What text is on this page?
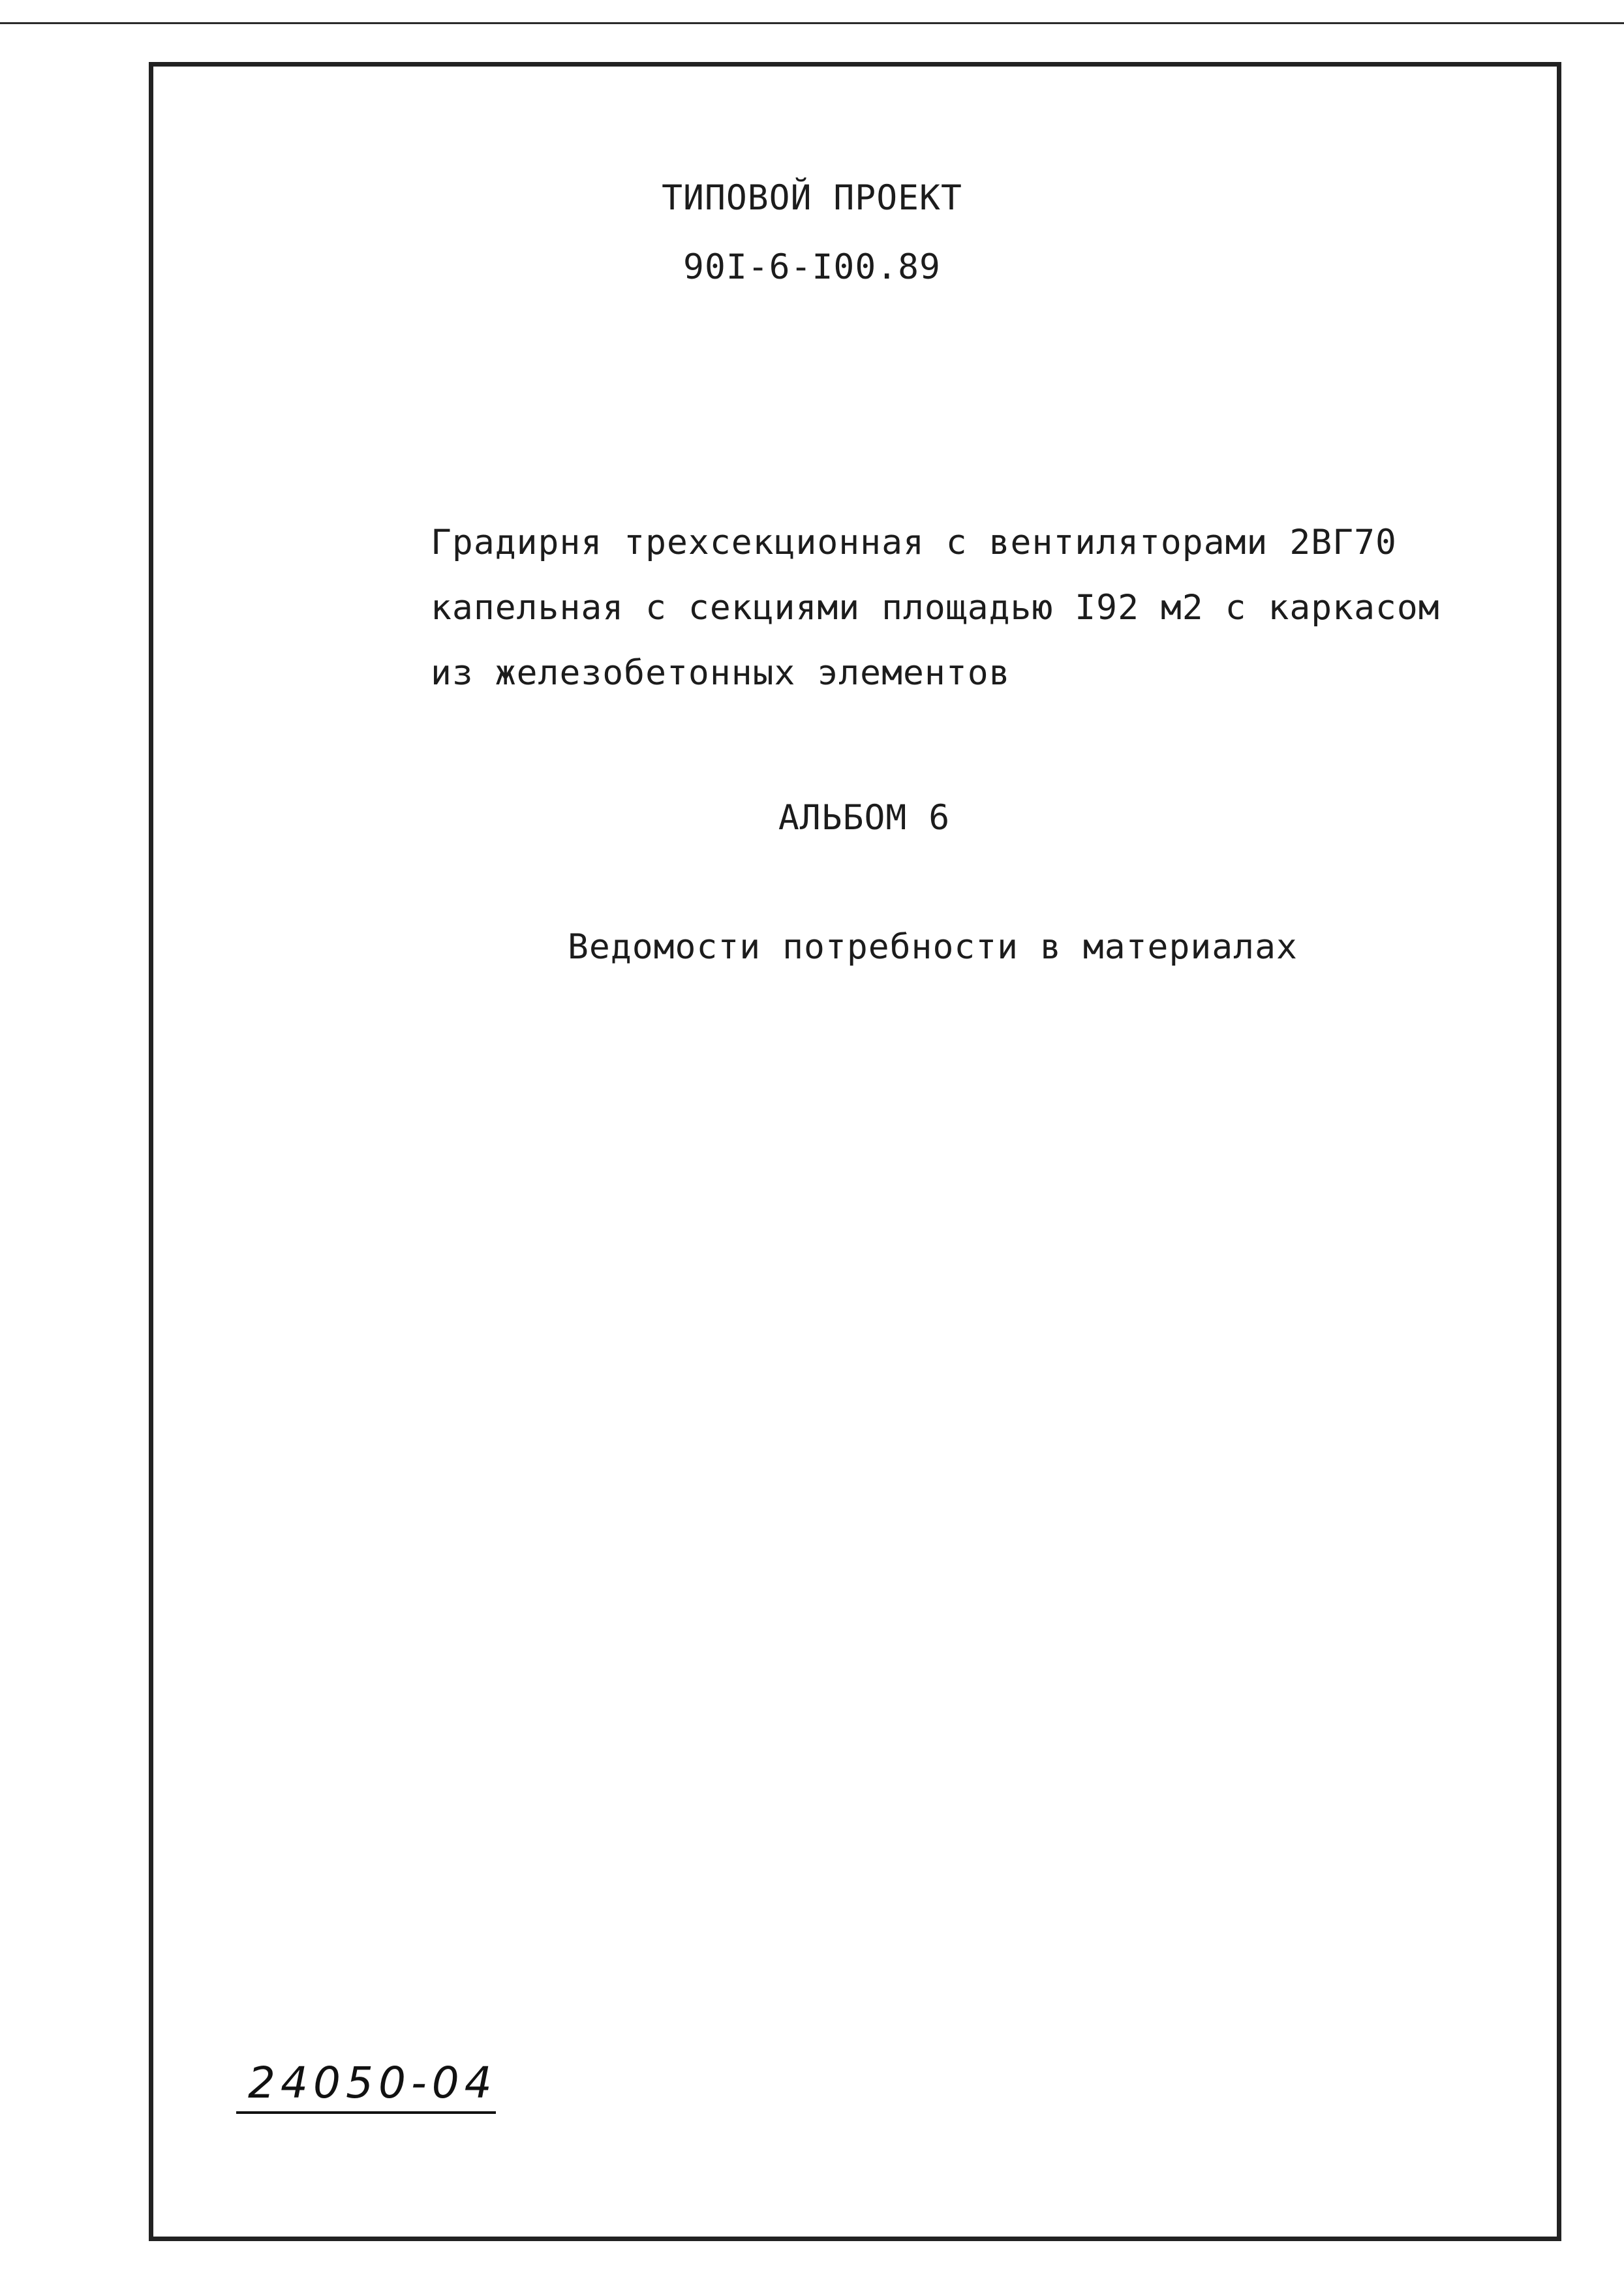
ТИПОВОЙ ПРОЕКТ
90I-6-I00.89
Градирня трехсекционная с вентиляторами 2ВГ70
капельная с секциями площадью I92 м2 с каркасом
из железобетонных элементов
АЛЬБОМ 6
Ведомости потребности в материалах
24050-04
